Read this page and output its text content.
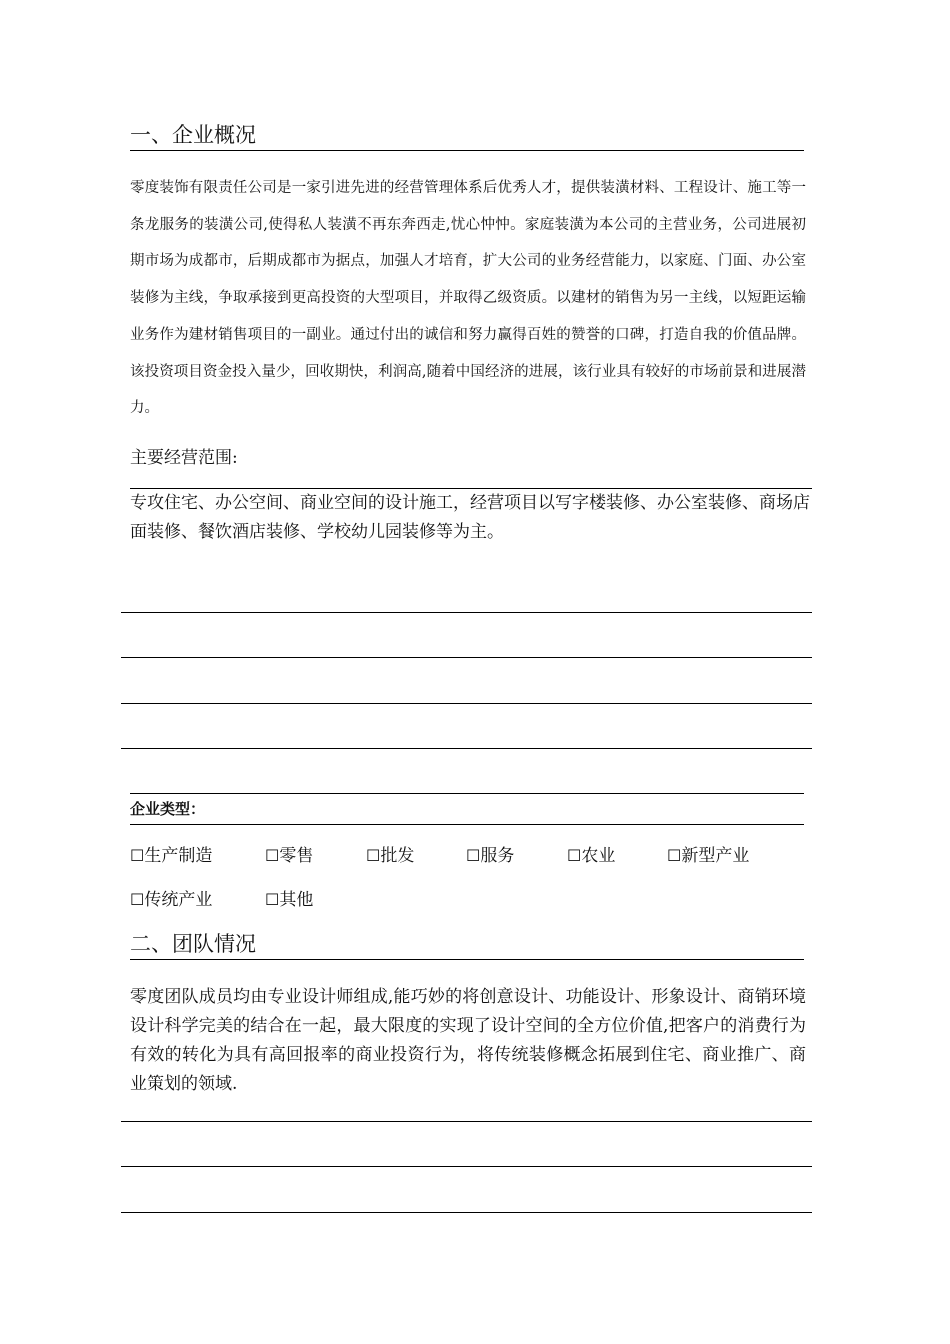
一、企业概况
零度装饰有限责任公司是一家引进先进的经营管理体系后优秀人才，提供装潢材料、工程设计、施工等一条龙服务的装潢公司,使得私人装潢不再东奔西走,忧心忡忡。家庭装潢为本公司的主营业务，公司进展初期市场为成都市，后期成都市为据点，加强人才培育，扩大公司的业务经营能力，以家庭、门面、办公室装修为主线，争取承接到更高投资的大型项目，并取得乙级资质。以建材的销售为另一主线，以短距运输业务作为建材销售项目的一副业。通过付出的诚信和努力赢得百姓的赞誉的口碑，打造自我的价值品牌。该投资项目资金投入量少，回收期快，利润高,随着中国经济的进展，该行业具有较好的市场前景和进展潜力。
主要经营范围:
专攻住宅、办公空间、商业空间的设计施工，经营项目以写字楼装修、办公室装修、商场店面装修、餐饮酒店装修、学校幼儿园装修等为主。
企业类型：
☐生产制造	☐零售	☐批发	☐服务	☐农业	☐新型产业
☐传统产业	☐其他
二、团队情况
零度团队成员均由专业设计师组成,能巧妙的将创意设计、功能设计、形象设计、商销环境设计科学完美的结合在一起，最大限度的实现了设计空间的全方位价值,把客户的消费行为有效的转化为具有高回报率的商业投资行为，将传统装修概念拓展到住宅、商业推广、商业策划的领域.
